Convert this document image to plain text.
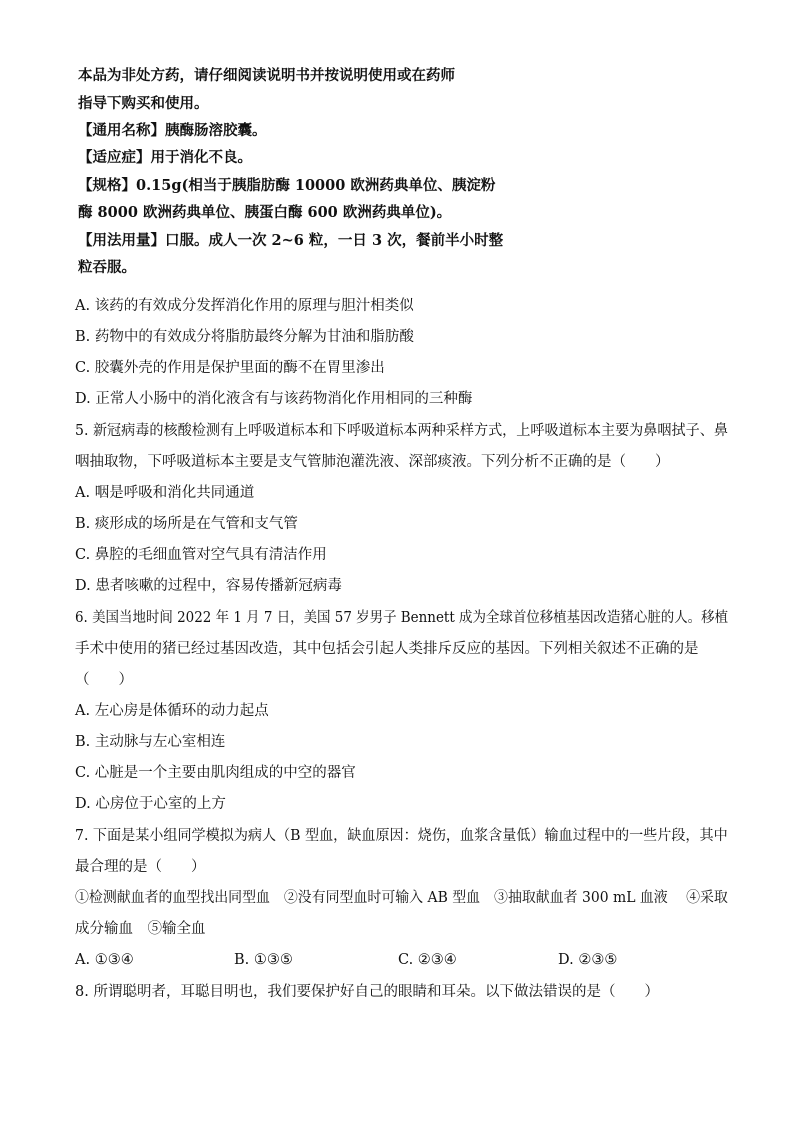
本品为非处方药，请仔细阅读说明书并按说明使用或在药师
指导下购买和使用。
【通用名称】胰酶肠溶胶囊。
【适应症】用于消化不良。
【规格】0.15g(相当于胰脂肪酶 10000 欧洲药典单位、胰淀粉
酶 8000 欧洲药典单位、胰蛋白酶 600 欧洲药典单位)。
【用法用量】口服。成人一次 2~6 粒，一日 3 次，餐前半小时整
粒吞服。
A. 该药的有效成分发挥消化作用的原理与胆汁相类似
B. 药物中的有效成分将脂肪最终分解为甘油和脂肪酸
C. 胶囊外壳的作用是保护里面的酶不在胃里渗出
D. 正常人小肠中的消化液含有与该药物消化作用相同的三种酶
5. 新冠病毒的核酸检测有上呼吸道标本和下呼吸道标本两种采样方式，上呼吸道标本主要为鼻咽拭子、鼻
咽抽取物，下呼吸道标本主要是支气管肺泡灌洗液、深部痰液。下列分析不正确的是（　　）
A. 咽是呼吸和消化共同通道
B. 痰形成的场所是在气管和支气管
C. 鼻腔的毛细血管对空气具有清洁作用
D. 患者咳嗽的过程中，容易传播新冠病毒
6. 美国当地时间 2022 年 1 月 7 日，美国 57 岁男子 Bennett 成为全球首位移植基因改造猪心脏的人。移植
手术中使用的猪已经过基因改造，其中包括会引起人类排斥反应的基因。下列相关叙述不正确的是
（　　）
A. 左心房是体循环的动力起点
B. 主动脉与左心室相连
C. 心脏是一个主要由肌肉组成的中空的器官
D. 心房位于心室的上方
7. 下面是某小组同学模拟为病人（B 型血，缺血原因：烧伤，血浆含量低）输血过程中的一些片段，其中
最合理的是（　　）
①检测献血者的血型找出同型血　②没有同型血时可输入 AB 型血　③抽取献血者 300 mL 血液　 ④采取
成分输血　⑤输全血
A. ①③④	B. ①③⑤	C. ②③④	D. ②③⑤
8. 所谓聪明者，耳聪目明也，我们要保护好自己的眼睛和耳朵。以下做法错误的是（　　）
